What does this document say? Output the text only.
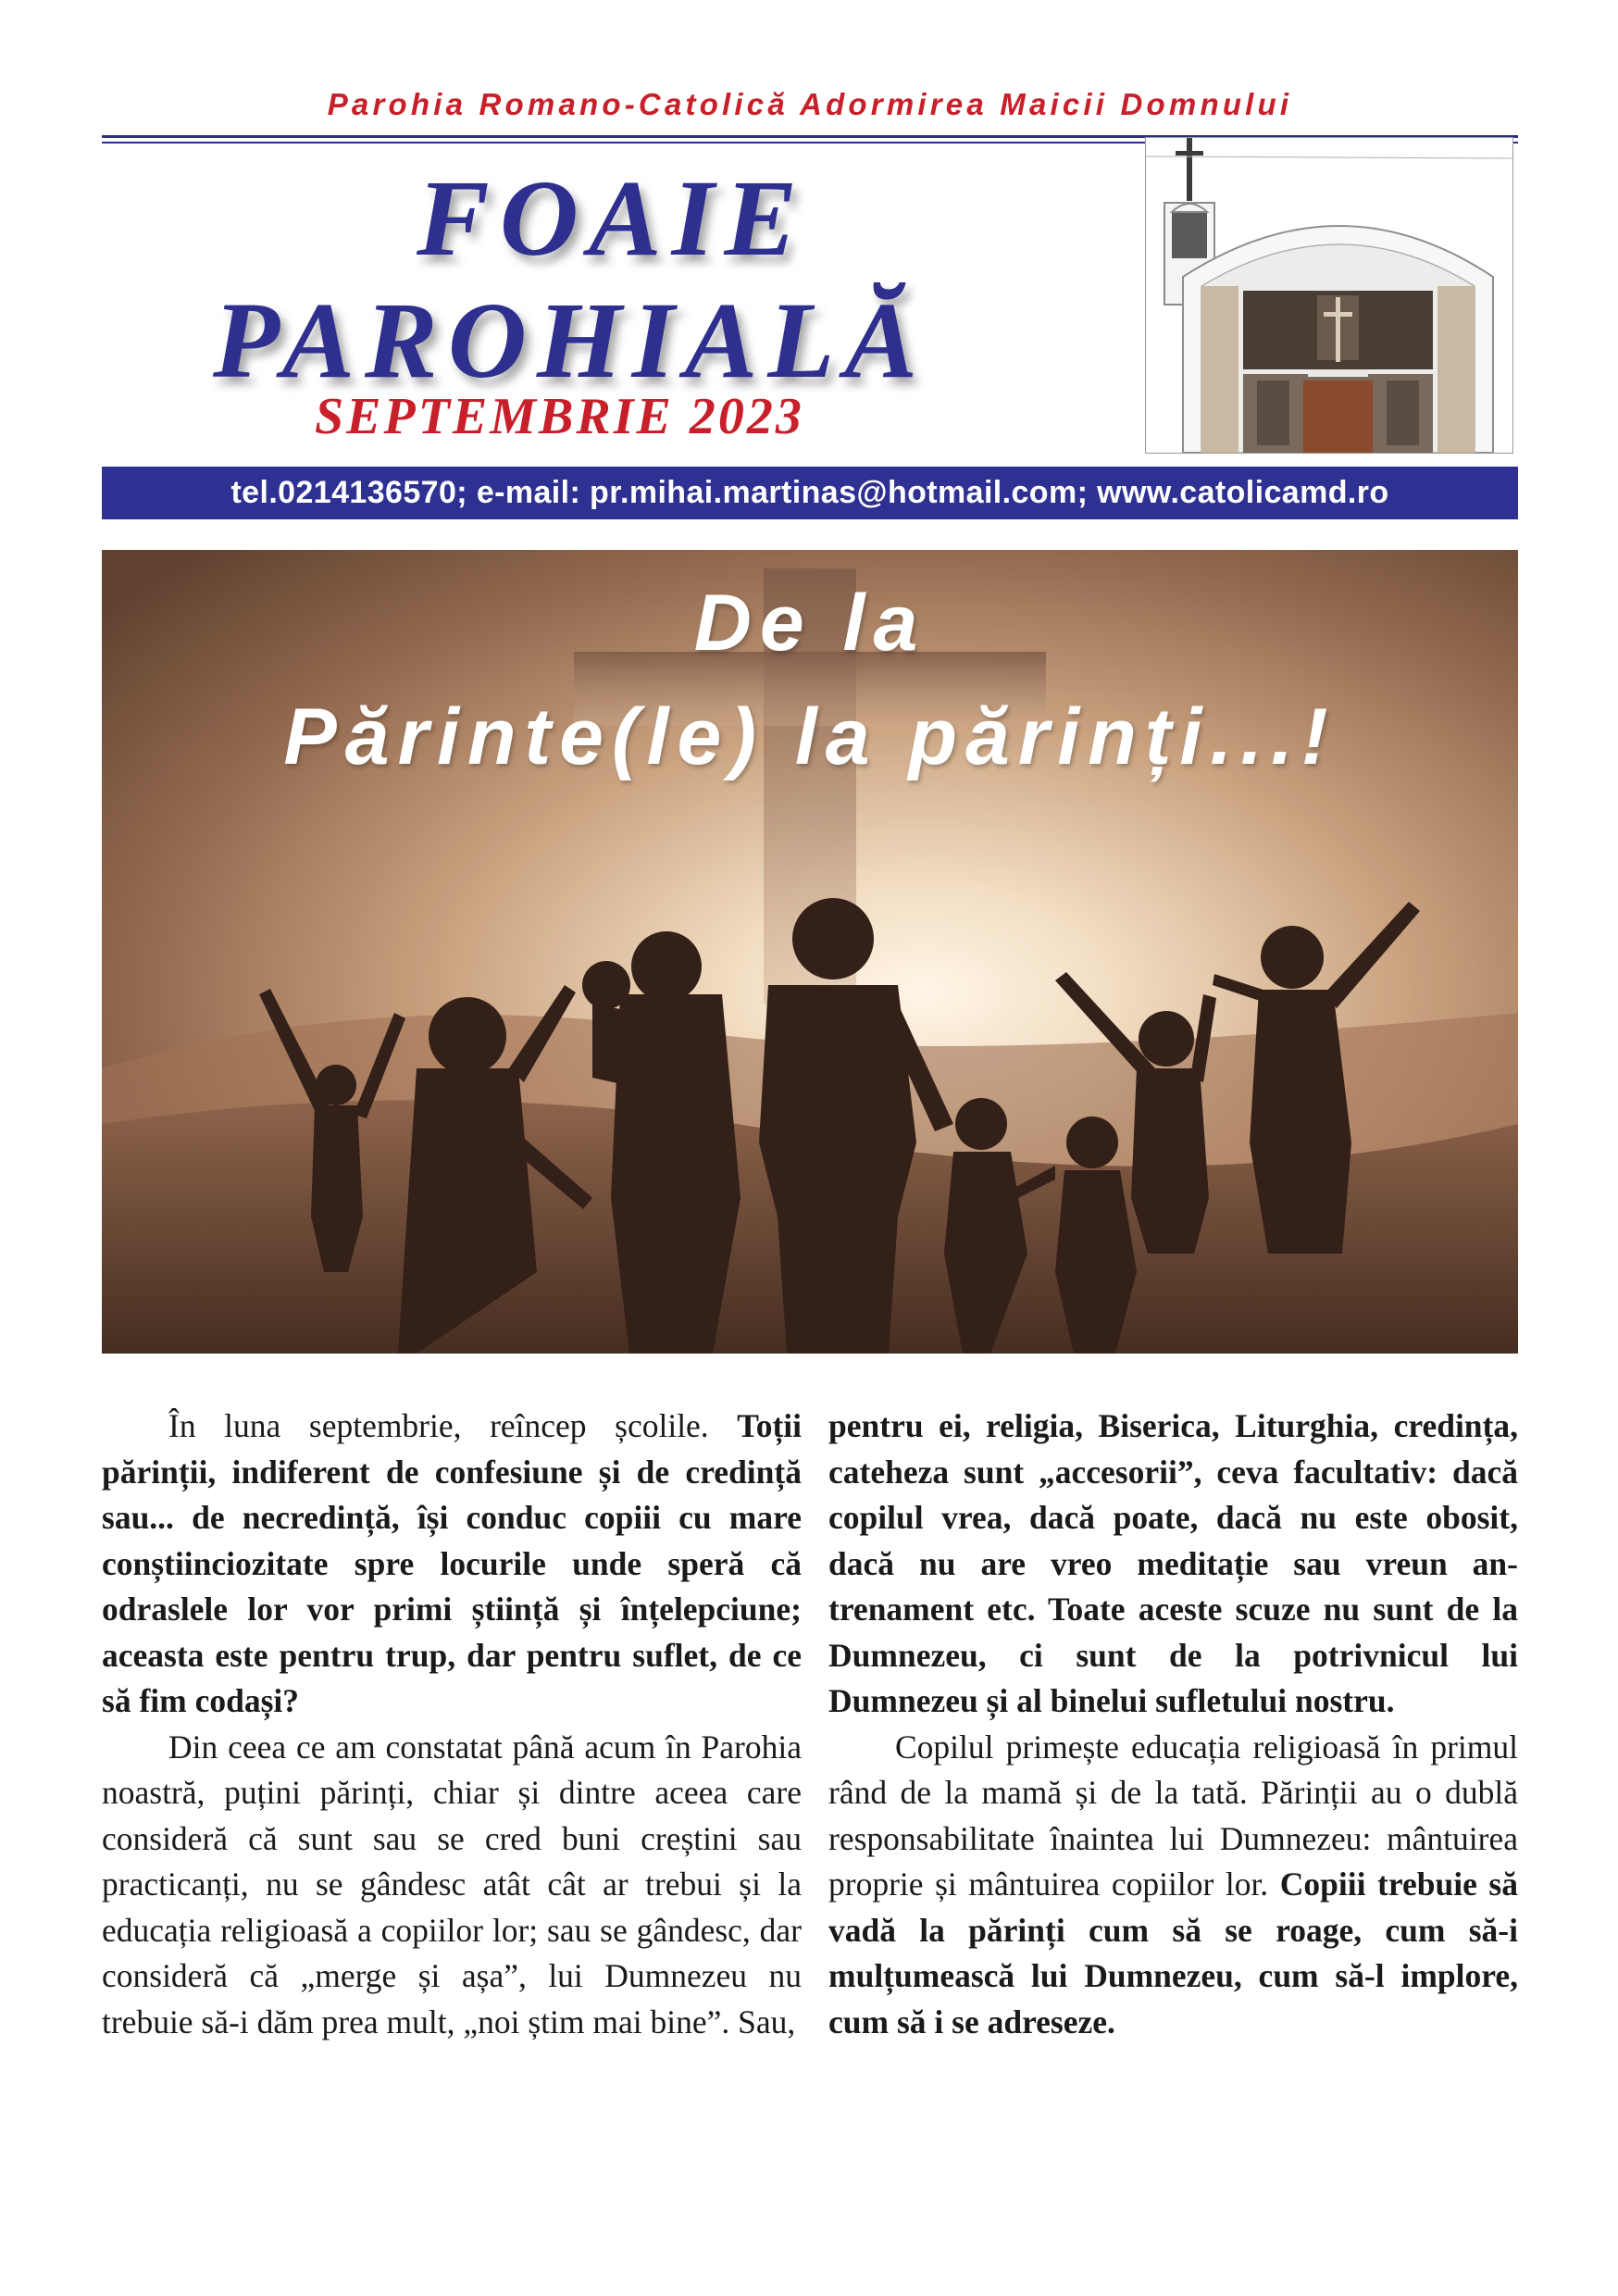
Parohia Romano-Catolică Adormirea Maicii Domnului
FOAIE
PAROHIALĂ
SEPTEMBRIE 2023
tel.0214136570; e-mail: pr.mihai.martinas@hotmail.com; www.catolicamd.ro
De la
Părinte(le) la părinți...!

În luna septembrie, reîncep școlile. Toții părinții, indiferent de confesiune și de credință sau... de necredință, își conduc copiii cu mare conștiinciozitate spre locurile unde speră că odraslele lor vor primi știință și înțelepciune; aceasta este pentru trup, dar pentru suflet, de ce să fim codași?

Din ceea ce am constatat până acum în Parohia noastră, puțini părinți, chiar și dintre aceea care consideră că sunt sau se cred buni creștini sau practicanți, nu se gândesc atât cât ar trebui și la educația religioasă a copiilor lor; sau se gândesc, dar consideră că „merge și așa”, lui Dumnezeu nu trebuie să-i dăm prea mult, „noi știm mai bine”. Sau,

pentru ei, religia, Biserica, Liturghia, credința, cateheza sunt „accesorii”, ceva facultativ: dacă copilul vrea, dacă poate, dacă nu este obosit, dacă nu are vreo meditație sau vreun antrenament etc. Toate aceste scuze nu sunt de la Dumnezeu, ci sunt de la potrivnicul lui Dumnezeu și al binelui sufletului nostru.

Copilul primește educația religioasă în primul rând de la mamă și de la tată. Părinții au o dublă responsabilitate înaintea lui Dumnezeu: mântuirea proprie și mântuirea copiilor lor. Copiii trebuie să vadă la părinți cum să se roage, cum să-i mulțumească lui Dumnezeu, cum să-l implore, cum să i se adreseze.
